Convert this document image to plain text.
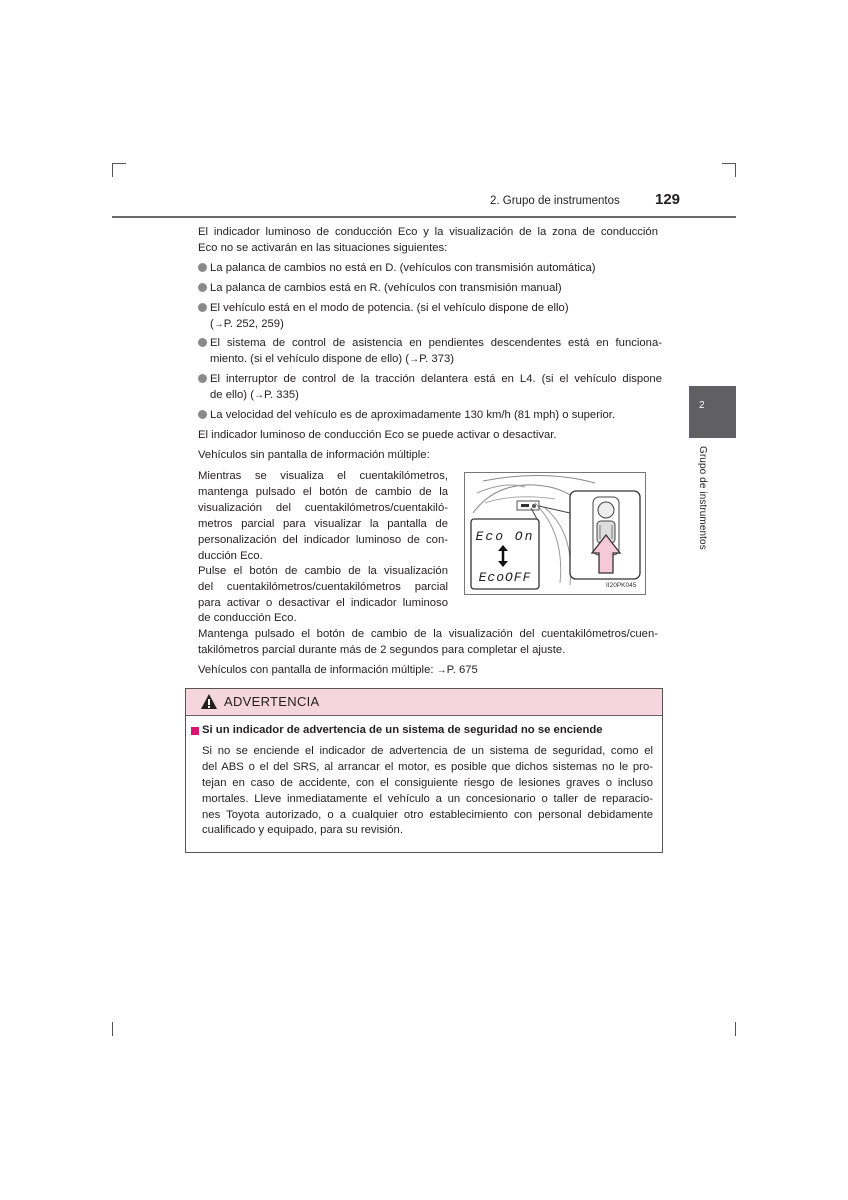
2. Grupo de instrumentos 129
2
Grupo de instrumentos
El indicador luminoso de conducción Eco y la visualización de la zona de conducción
Eco no se activarán en las situaciones siguientes:
La palanca de cambios no está en D. (vehículos con transmisión automática)
La palanca de cambios está en R. (vehículos con transmisión manual)
El vehículo está en el modo de potencia. (si el vehículo dispone de ello)
(→P. 252, 259)
El sistema de control de asistencia en pendientes descendentes está en funciona-
miento. (si el vehículo dispone de ello) (→P. 373)
El interruptor de control de la tracción delantera está en L4. (si el vehículo dispone
de ello) (→P. 335)
La velocidad del vehículo es de aproximadamente 130 km/h (81 mph) o superior.
El indicador luminoso de conducción Eco se puede activar o desactivar.
Vehículos sin pantalla de información múltiple:
Mientras se visualiza el cuentakilómetros,
mantenga pulsado el botón de cambio de la
visualización del cuentakilómetros/cuentakiló-
metros parcial para visualizar la pantalla de
personalización del indicador luminoso de con-
ducción Eco.
Pulse el botón de cambio de la visualización
del cuentakilómetros/cuentakilómetros parcial
para activar o desactivar el indicador luminoso
de conducción Eco.
Eco On
EcoOFF
II20PK045
Mantenga pulsado el botón de cambio de la visualización del cuentakilómetros/cuen-
takilómetros parcial durante más de 2 segundos para completar el ajuste.
Vehículos con pantalla de información múltiple: →P. 675
ADVERTENCIA
Si un indicador de advertencia de un sistema de seguridad no se enciende
Si no se enciende el indicador de advertencia de un sistema de seguridad, como el
del ABS o el del SRS, al arrancar el motor, es posible que dichos sistemas no le pro-
tejan en caso de accidente, con el consiguiente riesgo de lesiones graves o incluso
mortales. Lleve inmediatamente el vehículo a un concesionario o taller de reparacio-
nes Toyota autorizado, o a cualquier otro establecimiento con personal debidamente
cualificado y equipado, para su revisión.
